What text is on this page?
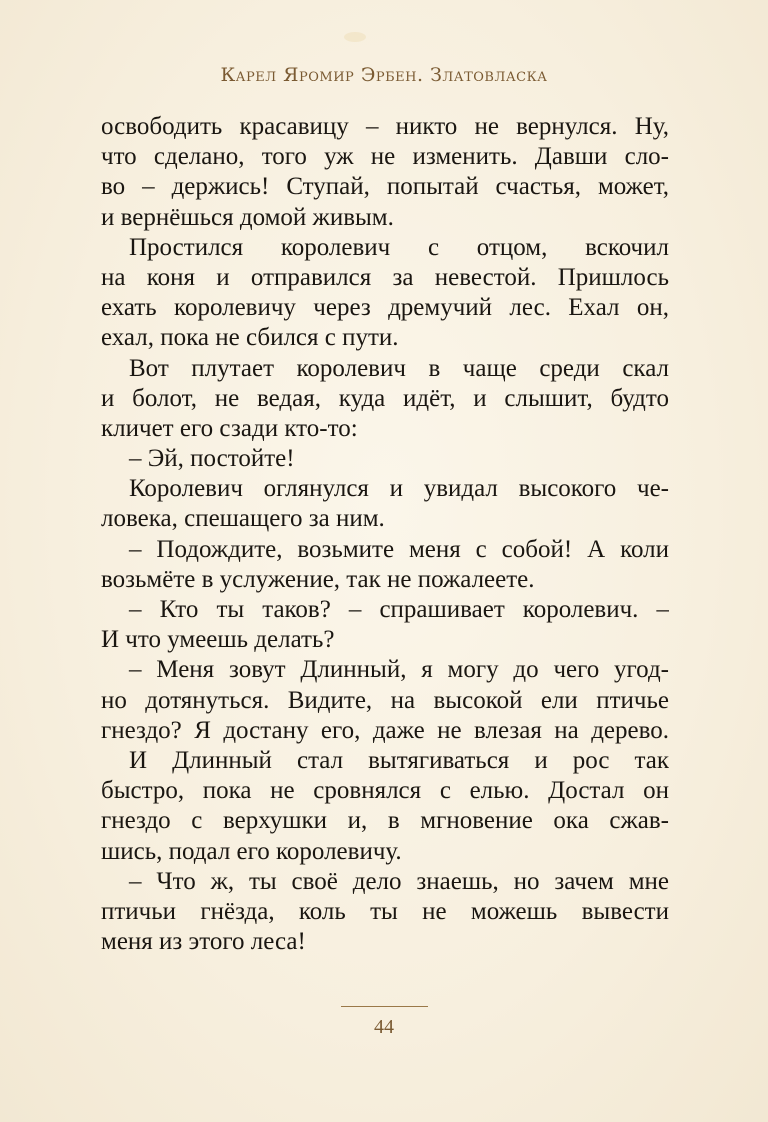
Карел Яромир Эрбен. Златовласка
освободить красавицу – никто не вернулся. Ну,
что сделано, того уж не изменить. Давши сло-
во – держись! Ступай, попытай счастья, может,
и вернёшься домой живым.
Простился королевич с отцом, вскочил
на коня и отправился за невестой. Пришлось
ехать королевичу через дремучий лес. Ехал он,
ехал, пока не сбился с пути.
Вот плутает королевич в чаще среди скал
и болот, не ведая, куда идёт, и слышит, будто
кличет его сзади кто-то:
– Эй, постойте!
Королевич оглянулся и увидал высокого че-
ловека, спешащего за ним.
– Подождите, возьмите меня с собой! А коли
возьмёте в услужение, так не пожалеете.
– Кто ты таков? – спрашивает королевич. –
И что умеешь делать?
– Меня зовут Длинный, я могу до чего угод-
но дотянуться. Видите, на высокой ели птичье
гнездо? Я достану его, даже не влезая на дерево.
И Длинный стал вытягиваться и рос так
быстро, пока не сровнялся с елью. Достал он
гнездо с верхушки и, в мгновение ока сжав-
шись, подал его королевичу.
– Что ж, ты своё дело знаешь, но зачем мне
птичьи гнёзда, коль ты не можешь вывести
меня из этого леса!
44
